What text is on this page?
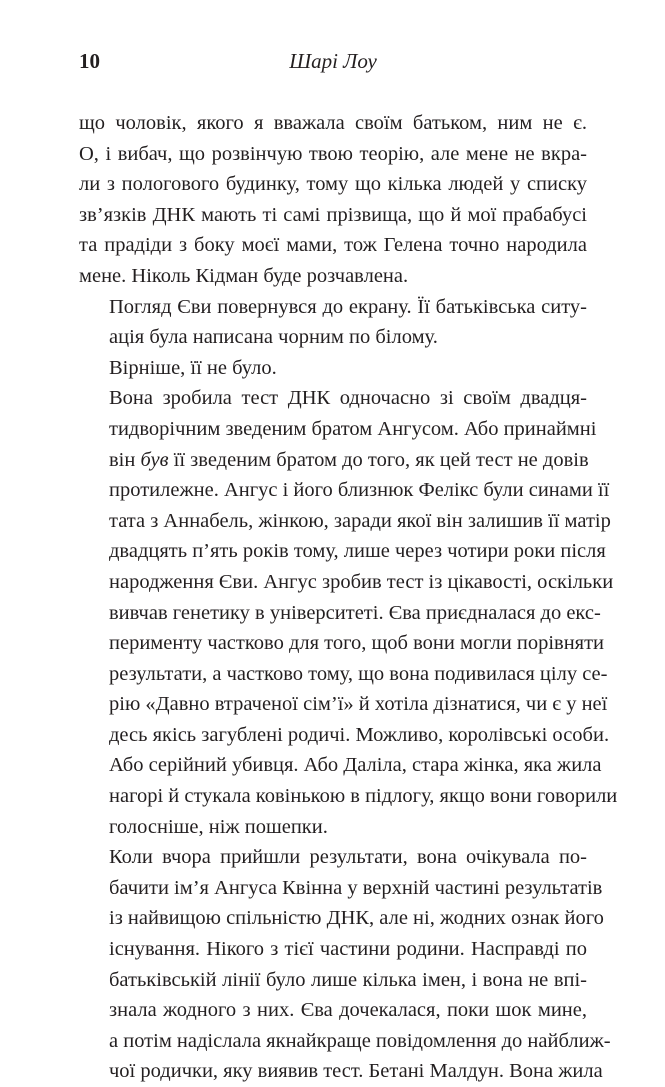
10	Шарі Лоу

що чоловік, якого я вважала своїм батьком, ним не є.
О, і вибач, що розвінчую твою теорію, але мене не вкра-
ли з пологового будинку, тому що кілька людей у списку
зв’язків ДНК мають ті самі прізвища, що й мої прабабусі
та прадіди з боку моєї мами, тож Гелена точно народила
мене. Ніколь Кідман буде розчавлена.

Погляд Єви повернувся до екрану. Її батьківська ситу-
ація була написана чорним по білому.

Вірніше, її не було.

Вона зробила тест ДНК одночасно зі своїм двадця-
тидворічним зведеним братом Ангусом. Або принаймні
він був її зведеним братом до того, як цей тест не довів
протилежне. Ангус і його близнюк Фелікс були синами її
тата з Аннабель, жінкою, заради якої він залишив її матір
двадцять п’ять років тому, лише через чотири роки після
народження Єви. Ангус зробив тест із цікавості, оскільки
вивчав генетику в університеті. Єва приєдналася до екс-
перименту частково для того, щоб вони могли порівняти
результати, а частково тому, що вона подивилася цілу се-
рію «Давно втраченої сім’ї» й хотіла дізнатися, чи є у неї
десь якісь загублені родичі. Можливо, королівські особи.
Або серійний убивця. Або Даліла, стара жінка, яка жила
нагорі й стукала ковінькою в підлогу, якщо вони говорили
голосніше, ніж пошепки.

Коли вчора прийшли результати, вона очікувала по-
бачити ім’я Ангуса Квінна у верхній частині результатів
із найвищою спільністю ДНК, але ні, жодних ознак його
існування. Нікого з тієї частини родини. Насправді по
батьківській лінії було лише кілька імен, і вона не впі-
знала жодного з них. Єва дочекалася, поки шок мине,
а потім надіслала якнайкраще повідомлення до найближ-
чої родички, яку виявив тест. Бетані Малдун. Вона жила
